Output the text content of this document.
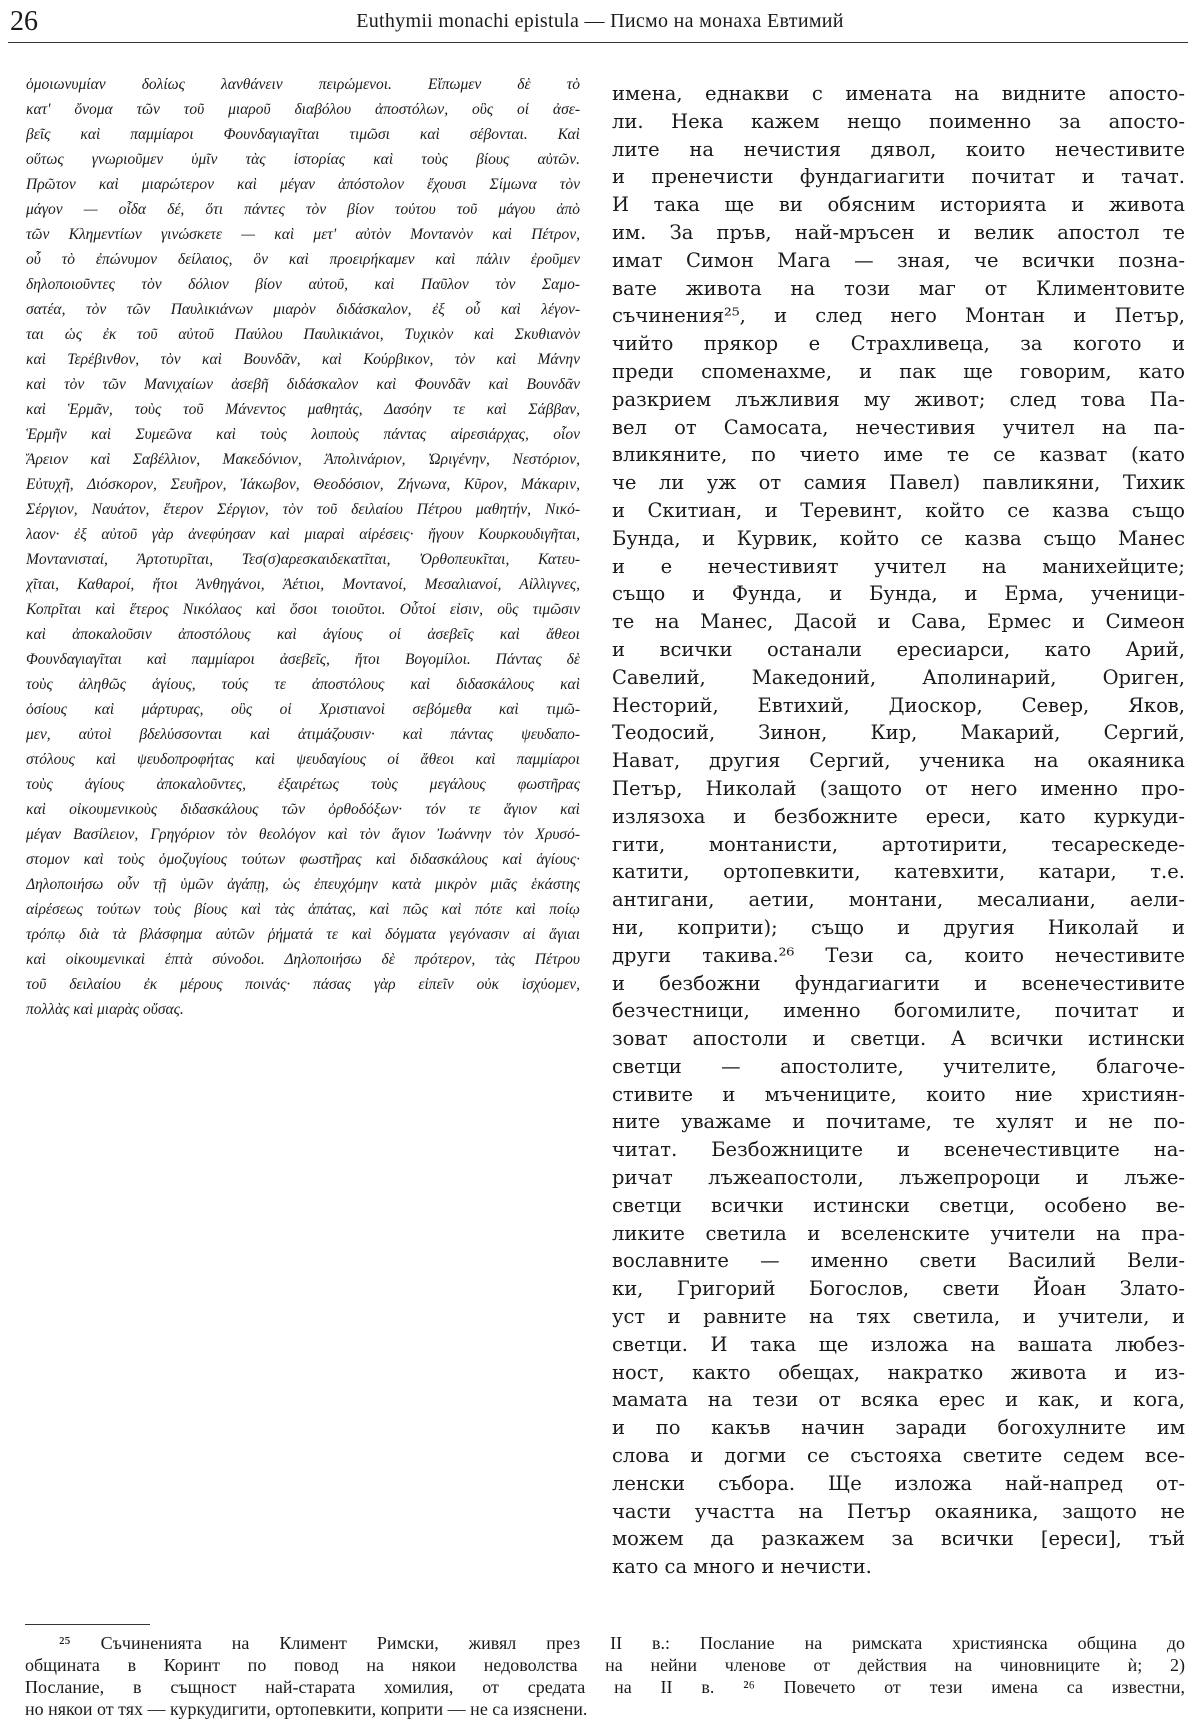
26	Euthymii monachi epistula — Писмо на монаха Евтимий
ὁμοιωνυμίαν δολίως λανθάνειν πειρώμενοι. Εἴπωμεν δὲ τὸ
κατ' ὄνομα τῶν τοῦ μιαροῦ διαβόλου ἀποστόλων, οὓς οἱ ἀσε-
βεῖς καὶ παμμίαροι Φουνδαγιαγῖται τιμῶσι καὶ σέβονται. Καὶ
οὕτως γνωριοῦμεν ὑμῖν τὰς ἱστορίας καὶ τοὺς βίους αὐτῶν.
Πρῶτον καὶ μιαρώτερον καὶ μέγαν ἀπόστολον ἔχουσι Σίμωνα τὸν
μάγον — οἶδα δέ, ὅτι πάντες τὸν βίον τούτου τοῦ μάγου ἀπὸ
τῶν Κλημεντίων γινώσκετε — καὶ μετ' αὐτὸν Μοντανὸν καὶ Πέτρον,
οὗ τὸ ἐπώνυμον δείλαιος, ὃν καὶ προειρήκαμεν καὶ πάλιν ἐροῦμεν
δηλοποιοῦντες τὸν δόλιον βίον αὐτοῦ, καὶ Παῦλον τὸν Σαμο-
σατέα, τὸν τῶν Παυλικιάνων μιαρὸν διδάσκαλον, ἐξ οὗ καὶ λέγον-
ται ὡς ἐκ τοῦ αὐτοῦ Παύλου Παυλικιάνοι, Τυχικὸν καὶ Σκυθιανὸν
καὶ Τερέβινθον, τὸν καὶ Βουνδᾶν, καὶ Κούρβικον, τὸν καὶ Μάνην
καὶ τὸν τῶν Μανιχαίων ἀσεβῆ διδάσκαλον καὶ Φουνδᾶν καὶ Βουνδᾶν
καὶ Ἑρμᾶν, τοὺς τοῦ Μάνεντος μαθητάς, Δασόην τε καὶ Σάββαν,
Ἑρμῆν καὶ Συμεῶνα καὶ τοὺς λοιποὺς πάντας αἱρεσιάρχας, οἷον
Ἄρειον καὶ Σαβέλλιον, Μακεδόνιον, Ἀπολινάριον, Ὠριγένην, Νεστόριον,
Εὐτυχῆ, Διόσκορον, Σευῆρον, Ἰάκωβον, Θεοδόσιον, Ζήνωνα, Κῦρον, Μάκαριν,
Σέργιον, Ναυάτον, ἕτερον Σέργιον, τὸν τοῦ δειλαίου Πέτρου μαθητήν, Νικό-
λαον· ἐξ αὐτοῦ γὰρ ἀνεφύησαν καὶ μιαραὶ αἱρέσεις· ἤγουν Κουρκουδιγῆται,
Μοντανισταί, Ἀρτοτυρῖται, Τεσ(σ)αρεσκαιδεκατῖται, Ὀρθοπευκῖται, Κατευ-
χῖται, Καθαροί, ἤτοι Ἀνθηγάνοι, Ἀέτιοι, Μοντανοί, Μεσαλιανοί, Αἰλλιγνες,
Κοπρῖται καὶ ἕτερος Νικόλαος καὶ ὅσοι τοιοῦτοι. Οὗτοί εἰσιν, οὓς τιμῶσιν
καὶ ἀποκαλοῦσιν ἀποστόλους καὶ ἁγίους οἱ ἀσεβεῖς καὶ ἄθεοι
Φουνδαγιαγῖται καὶ παμμίαροι ἀσεβεῖς, ἤτοι Βογομίλοι. Πάντας δὲ
τοὺς ἀληθῶς ἁγίους, τούς τε ἀποστόλους καὶ διδασκάλους καὶ
ὁσίους καὶ μάρτυρας, οὓς οἱ Χριστιανοὶ σεβόμεθα καὶ τιμῶ-
μεν, αὐτοὶ βδελύσσονται καὶ ἀτιμάζουσιν· καὶ πάντας ψευδαπο-
στόλους καὶ ψευδοπροφήτας καὶ ψευδαγίους οἱ ἄθεοι καὶ παμμίαροι
τοὺς ἁγίους ἀποκαλοῦντες, ἐξαιρέτως τοὺς μεγάλους φωστῆρας
καὶ οἰκουμενικοὺς διδασκάλους τῶν ὀρθοδόξων· τόν τε ἅγιον καὶ
μέγαν Βασίλειον, Γρηγόριον τὸν θεολόγον καὶ τὸν ἅγιον Ἰωάννην τὸν Χρυσό-
στομον καὶ τοὺς ὁμοζυγίους τούτων φωστῆρας καὶ διδασκάλους καὶ ἁγίους·
Δηλοποιήσω οὖν τῇ ὑμῶν ἀγάπῃ, ὡς ἐπευχόμην κατὰ μικρὸν μιᾶς ἑκάστης
αἱρέσεως τούτων τοὺς βίους καὶ τὰς ἀπάτας, καὶ πῶς καὶ πότε καὶ ποίῳ
τρόπῳ διὰ τὰ βλάσφημα αὐτῶν ῥήματά τε καὶ δόγματα γεγόνασιν αἱ ἅγιαι
καὶ οἰκουμενικαὶ ἑπτὰ σύνοδοι. Δηλοποιήσω δὲ πρότερον, τὰς Πέτρου
τοῦ δειλαίου ἐκ μέρους ποινάς· πάσας γὰρ εἰπεῖν οὐκ ἰσχύομεν,
πολλὰς καὶ μιαρὰς οὔσας.
имена, еднакви с имената на видните апосто-
ли. Нека кажем нещо поименно за апосто-
лите на нечистия дявол, които нечестивите
и пренечисти фундагиагити почитат и тачат.
И така ще ви обясним историята и живота
им. За пръв, най-мръсен и велик апостол те
имат Симон Мага — зная, че всички позна-
вате живота на този маг от Климентовите
съчинения²⁵, и след него Монтан и Петър,
чийто прякор е Страхливеца, за когото и
преди споменахме, и пак ще говорим, като
разкрием лъжливия му живот; след това Па-
вел от Самосата, нечестивия учител на па-
вликяните, по чието име те се казват (като
че ли уж от самия Павел) павликяни, Тихик
и Скитиан, и Теревинт, който се казва също
Бунда, и Курвик, който се казва също Манес
и е нечестивият учител на манихейците;
също и Фунда, и Бунда, и Ерма, ученици-
те на Манес, Дасой и Сава, Ермес и Симеон
и всички останали ересиарси, като Арий,
Савелий, Македоний, Аполинарий, Ориген,
Несторий, Евтихий, Диоскор, Север, Яков,
Теодосий, Зинон, Кир, Макарий, Сергий,
Нават, другия Сергий, ученика на окаяника
Петър, Николай (защото от него именно про-
излязоха и безбожните ереси, като куркуди-
гити, монтанисти, артотирити, тесарескеде-
катити, ортопевкити, катевхити, катари, т.е.
антигани, аетии, монтани, месалиани, аели-
ни, коприти); също и другия Николай и
други такива.²⁶ Тези са, които нечестивите
и безбожни фундагиагити и всенечестивите
безчестници, именно богомилите, почитат и
зоват апостоли и светци. А всички истински
светци — апостолите, учителите, благоче-
стивите и мъчениците, които ние християн-
ните уважаме и почитаме, те хулят и не по-
читат. Безбожниците и всенечестивците на-
ричат лъжеапостоли, лъжепророци и лъже-
светци всички истински светци, особено ве-
ликите светила и вселенските учители на пра-
вославните — именно свети Василий Вели-
ки, Григорий Богослов, свети Йоан Злато-
уст и равните на тях светила, и учители, и
светци. И така ще изложа на вашата любез-
ност, както обещах, накратко живота и из-
мамата на тези от всяка ерес и как, и кога,
и по какъв начин заради богохулните им
слова и догми се състояха светите седем все-
ленски събора. Ще изложа най-напред от-
части участта на Петър окаяника, защото не
можем да разкажем за всички [ереси], тъй
като са много и нечисти.
²⁵ Съчиненията на Климент Римски, живял през II в.: Послание на римската християнска община до
общината в Коринт по повод на някои недоволства на нейни членове от действия на чиновниците ѝ; 2)
Послание, в същност най-старата хомилия, от средата на II в. ²⁶ Повечето от тези имена са известни,
но някои от тях — куркудигити, ортопевкити, коприти — не са изяснени.
